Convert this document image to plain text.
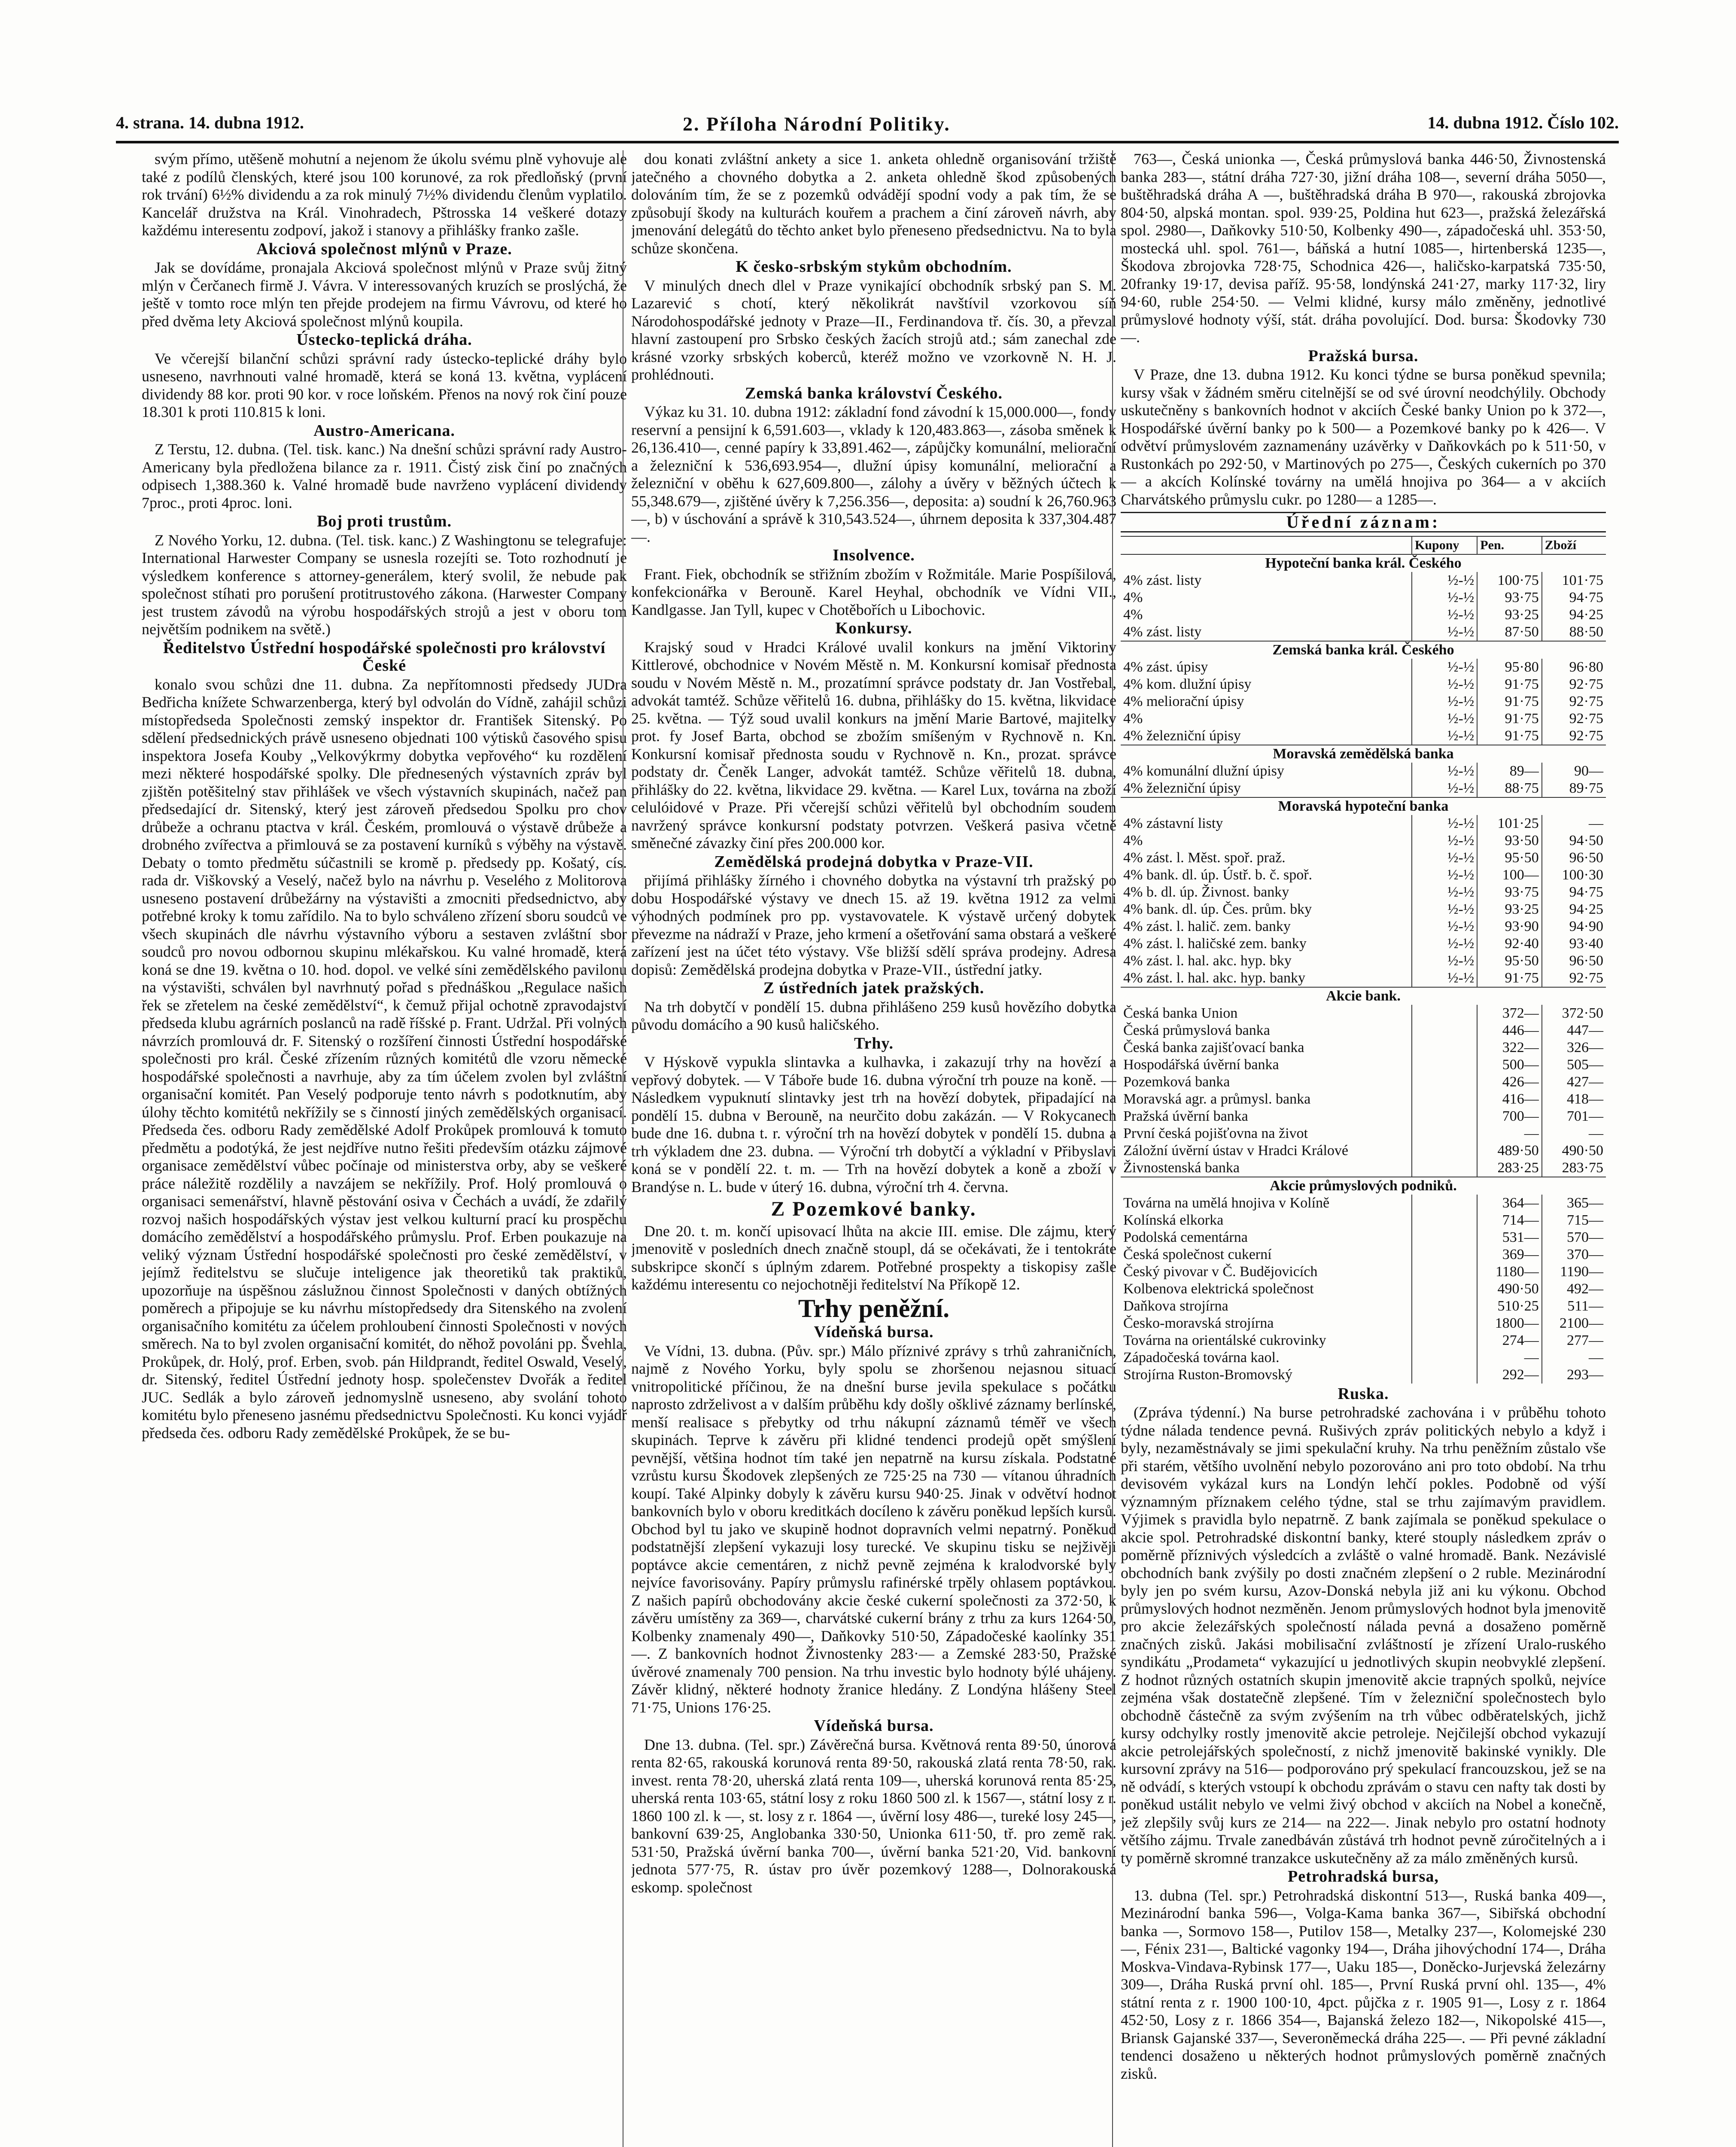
4. strana. 14. dubna 1912.	2. Příloha Národní Politiky.	14. dubna 1912. Číslo 102.

svým přímo, utěšeně mohutní a nejenom že úkolu svému plně vyhovuje ale také z podílů členských, které jsou 100 korunové, za rok předloňský (první rok trvání) 6½% dividendu a za rok minulý 7½% dividendu členům vyplatilo. Kancelář družstva na Král. Vinohradech, Pštrosska 14 veškeré dotazy každému interesentu zodpoví, jakož i stanovy a přihlášky franko zašle.

Akciová společnost mlýnů v Praze.

Jak se dovídáme, pronajala Akciová společnost mlýnů v Praze svůj žitný mlýn v Čerčanech firmě J. Vávra. V interessovaných kruzích se proslýchá, že ještě v tomto roce mlýn ten přejde prodejem na firmu Vávrovu, od které ho před dvěma lety Akciová společnost mlýnů koupila.

Ústecko-teplická dráha.

Ve včerejší bilanční schůzi správní rady ústecko-teplické dráhy bylo usneseno, navrhnouti valné hromadě, která se koná 13. května, vyplácení dividendy 88 kor. proti 90 kor. v roce loňském. Přenos na nový rok činí pouze 18.301 k proti 110.815 k loni.

Austro-Americana.

Z Terstu, 12. dubna. (Tel. tisk. kanc.) Na dnešní schůzi správní rady Austro-Americany byla předložena bilance za r. 1911. Čistý zisk činí po značných odpisech 1,388.360 k. Valné hromadě bude navrženo vyplácení dividendy 7proc., proti 4proc. loni.

Boj proti trustům.

Z Nového Yorku, 12. dubna. (Tel. tisk. kanc.) Z Washingtonu se telegrafuje: International Harwester Company se usnesla rozejíti se. Toto rozhodnutí je výsledkem konference s attorney-generálem, který svolil, že nebude pak společnost stíhati pro porušení protitrustového zákona. (Harwester Company jest trustem závodů na výrobu hospodářských strojů a jest v oboru tom největším podnikem na světě.)

Ředitelstvo Ústřední hospodářské společnosti pro království České

konalo svou schůzi dne 11. dubna. Za nepřítomnosti předsedy JUDra Bedřicha knížete Schwarzenberga, který byl odvolán do Vídně, zahájil schůzi místopředseda Společnosti zemský inspektor dr. František Sitenský. Po sdělení předsednických právě usneseno objednati 100 výtisků časového spisu inspektora Josefa Kouby „Velkovýkrmy dobytka vepřového“ ku rozdělení mezi některé hospodářské spolky. Dle přednesených výstavních zpráv byl zjištěn potěšitelný stav přihlášek ve všech výstavních skupinách, načež pan předsedající dr. Sitenský, který jest zároveň předsedou Spolku pro chov drůbeže a ochranu ptactva v král. Českém, promlouvá o výstavě drůbeže a drobného zvířectva a přimlouvá se za postavení kurníků s výběhy na výstavě. Debaty o tomto předmětu súčastnili se kromě p. předsedy pp. Košatý, cís. rada dr. Viškovský a Veselý, načež bylo na návrhu p. Veselého z Molitorova usneseno postavení drůbežárny na výstavišti a zmocniti předsednictvo, aby potřebné kroky k tomu zařídilo. Na to bylo schváleno zřízení sboru soudců ve všech skupinách dle návrhu výstavního výboru a sestaven zvláštní sbor soudců pro novou odbornou skupinu mlékařskou. Ku valné hromadě, která koná se dne 19. května o 10. hod. dopol. ve velké síni zemědělského pavilonu na výstavišti, schválen byl navrhnutý pořad s přednáškou „Regulace našich řek se zřetelem na české zemědělství“, k čemuž přijal ochotně zpravodajství předseda klubu agrárních poslanců na radě říšské p. Frant. Udržal. Při volných návrzích promlouvá dr. F. Sitenský o rozšíření činnosti Ústřední hospodářské společnosti pro král. České zřízením různých komitétů dle vzoru německé hospodářské společnosti a navrhuje, aby za tím účelem zvolen byl zvláštní organisační komitét. Pan Veselý podporuje tento návrh s podotknutím, aby úlohy těchto komitétů nekřížily se s činností jiných zemědělských organisací. Předseda čes. odboru Rady zemědělské Adolf Prokůpek promlouvá k tomuto předmětu a podotýká, že jest nejdříve nutno řešiti především otázku zájmové organisace zemědělství vůbec počínaje od ministerstva orby, aby se veškeré práce náležitě rozdělily a navzájem se nekřížily. Prof. Holý promlouvá o organisaci semenářství, hlavně pěstování osiva v Čechách a uvádí, že zdařilý rozvoj našich hospodářských výstav jest velkou kulturní prací ku prospěchu domácího zemědělství a hospodářského průmyslu. Prof. Erben poukazuje na veliký význam Ústřední hospodářské společnosti pro české zemědělství, v jejímž ředitelstvu se slučuje inteligence jak theoretiků tak praktiků, upozorňuje na úspěšnou záslužnou činnost Společnosti v daných obtížných poměrech a připojuje se ku návrhu místopředsedy dra Sitenského na zvolení organisačního komitétu za účelem prohloubení činnosti Společnosti v nových směrech. Na to byl zvolen organisační komitét, do něhož povoláni pp. Švehla, Prokůpek, dr. Holý, prof. Erben, svob. pán Hildprandt, ředitel Oswald, Veselý, dr. Sitenský, ředitel Ústřední jednoty hosp. společenstev Dvořák a ředitel JUC. Sedlák a bylo zároveň jednomyslně usneseno, aby svolání tohoto komitétu bylo přeneseno jasnému předsednictvu Společnosti. Ku konci vyjádř předseda čes. odboru Rady zemědělské Prokůpek, že se bu-

dou konati zvláštní ankety a sice 1. anketa ohledně organisování tržiště jatečného a chovného dobytka a 2. anketa ohledně škod způsobených dolováním tím, že se z pozemků odvádějí spodní vody a pak tím, že se způsobují škody na kulturách kouřem a prachem a činí zároveň návrh, aby jmenování delegátů do těchto anket bylo přeneseno předsednictvu. Na to byla schůze skončena.

K česko-srbským stykům obchodním.

V minulých dnech dlel v Praze vynikající obchodník srbský pan S. M. Lazarević s chotí, který několikrát navštívil vzorkovou síň Národohospodářské jednoty v Praze—II., Ferdinandova tř. čís. 30, a převzal hlavní zastoupení pro Srbsko českých žacích strojů atd.; sám zanechal zde krásné vzorky srbských koberců, kteréž možno ve vzorkovně N. H. J. prohlédnouti.

Zemská banka království Českého.

Výkaz ku 31. 10. dubna 1912: základní fond závodní k 15,000.000—, fondy reservní a pensijní k 6,591.603—, vklady k 120,483.863—, zásoba směnek k 26,136.410—, cenné papíry k 33,891.462—, zápůjčky komunální, meliorační a železniční k 536,693.954—, dlužní úpisy komunální, meliorační a železniční v oběhu k 627,609.800—, zálohy a úvěry v běžných účtech k 55,348.679—, zjištěné úvěry k 7,256.356—, deposita: a) soudní k 26,760.963—, b) v úschování a správě k 310,543.524—, úhrnem deposita k 337,304.487—.

Insolvence.

Frant. Fiek, obchodník se střižním zbožím v Rožmitále. Marie Pospíšilová, konfekcionářka v Berouně. Karel Heyhal, obchodník ve Vídni VII., Kandlgasse. Jan Tyll, kupec v Chotěbořích u Libochovic.

Konkursy.

Krajský soud v Hradci Králové uvalil konkurs na jmění Viktoriny Kittlerové, obchodnice v Novém Městě n. M. Konkursní komisař přednosta soudu v Novém Městě n. M., prozatímní správce podstaty dr. Jan Vostřebal, advokát tamtéž. Schůze věřitelů 16. dubna, přihlášky do 15. května, likvidace 25. května. — Týž soud uvalil konkurs na jmění Marie Bartové, majitelky prot. fy Josef Barta, obchod se zbožím smíšeným v Rychnově n. Kn. Konkursní komisař přednosta soudu v Rychnově n. Kn., prozat. správce podstaty dr. Čeněk Langer, advokát tamtéž. Schůze věřitelů 18. dubna, přihlášky do 22. května, likvidace 29. května. — Karel Lux, továrna na zboží celulóidové v Praze. Při včerejší schůzi věřitelů byl obchodním soudem navržený správce konkursní podstaty potvrzen. Veškerá pasiva včetně směnečné závazky činí přes 200.000 kor.

Zemědělská prodejná dobytka v Praze-VII.

přijímá přihlášky žírného i chovného dobytka na výstavní trh pražský po dobu Hospodářské výstavy ve dnech 15. až 19. května 1912 za velmi výhodných podmínek pro pp. vystavovatele. K výstavě určený dobytek převezme na nádraží v Praze, jeho krmení a ošetřování sama obstará a veškeré zařízení jest na účet této výstavy. Vše bližší sdělí správa prodejny. Adresa dopisů: Zemědělská prodejna dobytka v Praze-VII., ústřední jatky.

Z ústředních jatek pražských.

Na trh dobytčí v pondělí 15. dubna přihlášeno 259 kusů hovězího dobytka původu domácího a 90 kusů haličského.

Trhy.

V Hýskově vypukla slintavka a kulhavka, i zakazují trhy na hovězí a vepřový dobytek. — V Táboře bude 16. dubna výroční trh pouze na koně. — Následkem vypuknutí slintavky jest trh na hovězí dobytek, připadající na pondělí 15. dubna v Berouně, na neurčito dobu zakázán. — V Rokycanech bude dne 16. dubna t. r. výroční trh na hovězí dobytek v pondělí 15. dubna a trh výkladem dne 23. dubna. — Výroční trh dobytčí a výkladní v Přibyslavi koná se v pondělí 22. t. m. — Trh na hovězí dobytek a koně a zboží v Brandýse n. L. bude v úterý 16. dubna, výroční trh 4. června.

Z Pozemkové banky.

Dne 20. t. m. končí upisovací lhůta na akcie III. emise. Dle zájmu, který jmenovitě v posledních dnech značně stoupl, dá se očekávati, že i tentokráte subskripce skončí s úplným zdarem. Potřebné prospekty a tiskopisy zašle každému interesentu co nejochotněji ředitelství Na Příkopě 12.

Trhy peněžní.

Vídeňská bursa.

Ve Vídni, 13. dubna. (Pův. spr.) Málo příznivé zprávy s trhů zahraničních, najmě z Nového Yorku, byly spolu se zhoršenou nejasnou situací vnitropolitické příčinou, že na dnešní burse jevila spekulace s počátku naprosto zdrželivost a v dalším průběhu kdy došly ošklivé záznamy berlínské, menší realisace s přebytky od trhu nákupní záznamů téměř ve všech skupinách. Teprve k závěru při klidné tendenci prodejů opět smýšlení pevnější, většina hodnot tím také jen nepatrně na kursu získala. Podstatné vzrůstu kursu Škodovek zlepšených ze 725·25 na 730 — vítanou úhradních koupí. Také Alpinky dobyly k závěru kursu 940·25. Jinak v odvětví hodnot bankovních bylo v oboru kreditkách docíleno k závěru poněkud lepších kursů. Obchod byl tu jako ve skupině hodnot dopravních velmi nepatrný. Poněkud podstatnější zlepšení vykazuji losy turecké. Ve skupinu tisku se nejživěji poptávce akcie cementáren, z nichž pevně zejména k kralodvorské byly nejvíce favorisovány. Papíry průmyslu rafinérské trpěly ohlasem poptávkou. Z našich papírů obchodovány akcie české cukerní společnosti za 372·50, k závěru umístěny za 369—, charvátské cukerní brány z trhu za kurs 1264·50, Kolbenky znamenaly 490—, Daňkovky 510·50, Západočeské kaolínky 351—. Z bankovních hodnot Živnostenky 283·— a Zemské 283·50, Pražské úvěrové znamenaly 700 pension. Na trhu investic bylo hodnoty býlé uhájeny. Závěr klidný, některé hodnoty žranice hledány. Z Londýna hlášeny Steel 71·75, Unions 176·25.

Vídeňská bursa.

Dne 13. dubna. (Tel. spr.) Závěrečná bursa. Květnová renta 89·50, únorová renta 82·65, rakouská korunová renta 89·50, rakouská zlatá renta 78·50, rak. invest. renta 78·20, uherská zlatá renta 109—, uherská korunová renta 85·25, uherská renta 103·65, státní losy z roku 1860 500 zl. k 1567—, státní losy z r. 1860 100 zl. k —, st. losy z r. 1864 —, úvěrní losy 486—, tureké losy 245—, bankovní 639·25, Anglobanka 330·50, Unionka 611·50, tř. pro země rak. 531·50, Pražská úvěrní banka 700—, úvěrní banka 521·20, Vid. bankovní jednota 577·75, R. ústav pro úvěr pozemkový 1288—, Dolnorakouská eskomp. společnost

763—, Česká unionka —, Česká průmyslová banka 446·50, Živnostenská banka 283—, státní dráha 727·30, jižní dráha 108—, severní dráha 5050—, buštěhradská dráha A —, buštěhradská dráha B 970—, rakouská zbrojovka 804·50, alpská montan. spol. 939·25, Poldina hut 623—, pražská železářská spol. 2980—, Daňkovky 510·50, Kolbenky 490—, západočeská uhl. 353·50, mostecká uhl. spol. 761—, báňská a hutní 1085—, hirtenberská 1235—, Škodova zbrojovka 728·75, Schodnica 426—, haličsko-karpatská 735·50, 20franky 19·17, devisa paříž. 95·58, londýnská 241·27, marky 117·32, liry 94·60, ruble 254·50. — Velmi klidné, kursy málo změněny, jednotlivé průmyslové hodnoty výší, stát. dráha povolující. Dod. bursa: Škodovky 730—.

Pražská bursa.

V Praze, dne 13. dubna 1912. Ku konci týdne se bursa poněkud spevnila; kursy však v žádném směru citelnější se od své úrovní neodchýlily. Obchody uskutečněny s bankovních hodnot v akciích České banky Union po k 372—, Hospodářské úvěrní banky po k 500— a Pozemkové banky po k 426—. V odvětví průmyslovém zaznamenány uzávěrky v Daňkovkách po k 511·50, v Rustonkách po 292·50, v Martinových po 275—, Českých cukerních po 370— a akcích Kolínské továrny na umělá hnojiva po 364— a v akciích Charvátského průmyslu cukr. po 1280— a 1285—.

Úřední záznam:
	Kupony	Pen.	Zboží
Hypoteční banka král. Českého			
4% zást. listy	½-½	100·75	101·75
4%	½-½	93·75	94·75
4%	½-½	93·25	94·25
4% zást. listy	½-½	87·50	88·50
Zemská banka král. Českého			
4% zást. úpisy	½-½	95·80	96·80
4% kom. dlužní úpisy	½-½	91·75	92·75
4% meliorační úpisy	½-½	91·75	92·75
4%	½-½	91·75	92·75
4% železniční úpisy	½-½	91·75	92·75
Moravská zemědělská banka			
4% komunální dlužní úpisy	½-½	89—	90—
4% železniční úpisy	½-½	88·75	89·75
Moravská hypoteční banka			
4% zástavní listy	½-½	101·25	—
4%	½-½	93·50	94·50
4% zást. l. Měst. spoř. praž.	½-½	95·50	96·50
4% bank. dl. úp. Ústř. b. č. spoř.	½-½	100—	100·30
4% b. dl. úp. Živnost. banky	½-½	93·75	94·75
4% bank. dl. úp. Čes. prům. bky	½-½	93·25	94·25
4% zást. l. halič. zem. banky	½-½	93·90	94·90
4% zást. l. haličské zem. banky	½-½	92·40	93·40
4% zást. l. hal. akc. hyp. bky	½-½	95·50	96·50
4% zást. l. hal. akc. hyp. banky	½-½	91·75	92·75
Akcie bank.			
Česká banka Union		372—	372·50
Česká průmyslová banka		446—	447—
Česká banka zajišťovací banka		322—	326—
Hospodářská úvěrní banka		500—	505—
Pozemková banka		426—	427—
Moravská agr. a průmysl. banka		416—	418—
Pražská úvěrní banka		700—	701—
První česká pojišťovna na život		—	—
Záložní úvěrní ústav v Hradci Králové		489·50	490·50
Živnostenská banka		283·25	283·75
Akcie průmyslových podniků.			
Továrna na umělá hnojiva v Kolíně		364—	365—
Kolínská elkorka		714—	715—
Podolská cementárna		531—	570—
Česká společnost cukerní		369—	370—
Český pivovar v Č. Budějovicích		1180—	1190—
Kolbenova elektrická společnost		490·50	492—
Daňkova strojírna		510·25	511—
Česko-moravská strojírna		1800—	2100—
Továrna na orientálské cukrovinky		274—	277—
Západočeská továrna kaol.		—	—
Strojírna Ruston-Bromovský		292—	293—
Ruska.

(Zpráva týdenní.) Na burse petrohradské zachována i v průběhu tohoto týdne nálada tendence pevná. Rušivých zpráv politických nebylo a když i byly, nezaměstnávaly se jimi spekulační kruhy. Na trhu peněžním zůstalo vše při starém, většího uvolnění nebylo pozorováno ani pro toto období. Na trhu devisovém vykázal kurs na Londýn lehčí pokles. Podobně od výší významným příznakem celého týdne, stal se trhu zajímavým pravidlem. Výjimek s pravidla bylo nepatrně. Z bank zajímala se poněkud spekulace o akcie spol. Petrohradské diskontní banky, které stouply následkem zpráv o poměrně příznivých výsledcích a zvláště o valné hromadě. Bank. Nezávislé obchodních bank zvýšily po dosti značném zlepšení o 2 ruble. Mezinárodní byly jen po svém kursu, Azov-Donská nebyla již ani ku výkonu. Obchod průmyslových hodnot nezměněn. Jenom průmyslových hodnot byla jmenovitě pro akcie železářských společností nálada pevná a dosaženo poměrně značných zisků. Jakási mobilisační zvláštností je zřízení Uralo-ruského syndikátu „Prodameta“ vykazující u jednotlivých skupin neobvyklé zlepšení. Z hodnot různých ostatních skupin jmenovitě akcie trapných spolků, nejvíce zejména však dostatečně zlepšené. Tím v železniční společnostech bylo obchodně částečně za svým zvýšením na trh vůbec odběratelských, jichž kursy odchylky rostly jmenovitě akcie petroleje. Nejčilejší obchod vykazují akcie petrolejářských společností, z nichž jmenovitě bakinské vynikly. Dle kursovní zprávy na 516— podporováno prý spekulací francouzskou, jež se na ně odvádí, s kterých vstoupí k obchodu zprávám o stavu cen nafty tak dosti by poněkud ustálit nebylo ve velmi živý obchod v akciích na Nobel a konečně, jež zlepšily svůj kurs ze 214— na 222—. Jinak nebylo pro ostatní hodnoty většího zájmu. Trvale zanedbáván zůstává trh hodnot pevně zúročitelných a i ty poměrně skromné tranzakce uskutečněny až za málo změněných kursů.

Petrohradská bursa,

13. dubna (Tel. spr.) Petrohradská diskontní 513—, Ruská banka 409—, Mezinárodní banka 596—, Volga-Kama banka 367—, Sibiřská obchodní banka —, Sormovo 158—, Putilov 158—, Metalky 237—, Kolomejské 230—, Fénix 231—, Baltické vagonky 194—, Dráha jihovýchodní 174—, Dráha Moskva-Vindava-Rybinsk 177—, Uaku 185—, Doněcko-Jurjevská železárny 309—, Dráha Ruská první ohl. 185—, První Ruská první ohl. 135—, 4% státní renta z r. 1900 100·10, 4pct. půjčka z r. 1905 91—, Losy z r. 1864 452·50, Losy z r. 1866 354—, Bajanská železo 182—, Nikopolské 415—, Briansk Gajanské 337—, Severoněmecká dráha 225—. — Při pevné základní tendenci dosaženo u některých hodnot průmyslových poměrně značných zisků.
